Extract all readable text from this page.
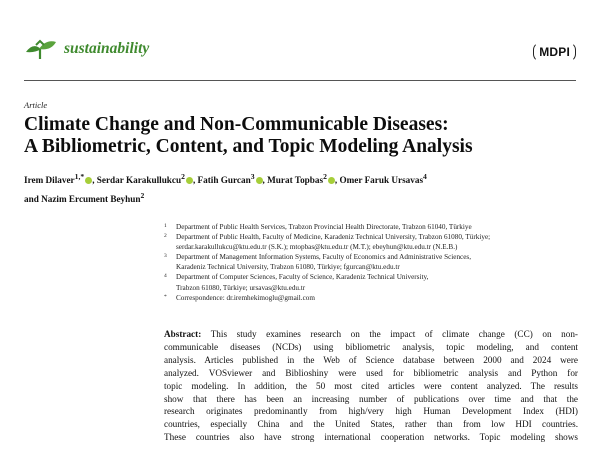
sustainability	MDPI
Article
Climate Change and Non-Communicable Diseases:
A Bibliometric, Content, and Topic Modeling Analysis
Irem Dilaver$^{1,*}$ , Serdar Karakullukcu$^2$ , Fatih Gurcan$^3$ , Murat Topbas$^2$ , Omer Faruk Ursavas$^4$
and Nazim Ercument Beyhun$^2$
1	Department of Public Health Services, Trabzon Provincial Health Directorate, Trabzon 61040, Türkiye
2	Department of Public Health, Faculty of Medicine, Karadeniz Technical University, Trabzon 61080, Türkiye;
serdar.karakullukcu@ktu.edu.tr (S.K.); mtopbas@ktu.edu.tr (M.T.); ebeyhun@ktu.edu.tr (N.E.B.)
3	Department of Management Information Systems, Faculty of Economics and Administrative Sciences,
Karadeniz Technical University, Trabzon 61080, Türkiye; fgurcan@ktu.edu.tr
4	Department of Computer Sciences, Faculty of Science, Karadeniz Technical University,
Trabzon 61080, Türkiye; ursavas@ktu.edu.tr
*	Correspondence: dr.iremhekimoglu@gmail.com
Abstract: This study examines research on the impact of climate change (CC) on non-
communicable diseases (NCDs) using bibliometric analysis, topic modeling, and content
analysis. Articles published in the Web of Science database between 2000 and 2024 were
analyzed. VOSviewer and Biblioshiny were used for bibliometric analysis and Python for
topic modeling. In addition, the 50 most cited articles were content analyzed. The results
show that there has been an increasing number of publications over time and that the
research originates predominantly from high/very high Human Development Index (HDI)
countries, especially China and the United States, rather than from low HDI countries.
These countries also have strong international cooperation networks. Topic modeling shows
